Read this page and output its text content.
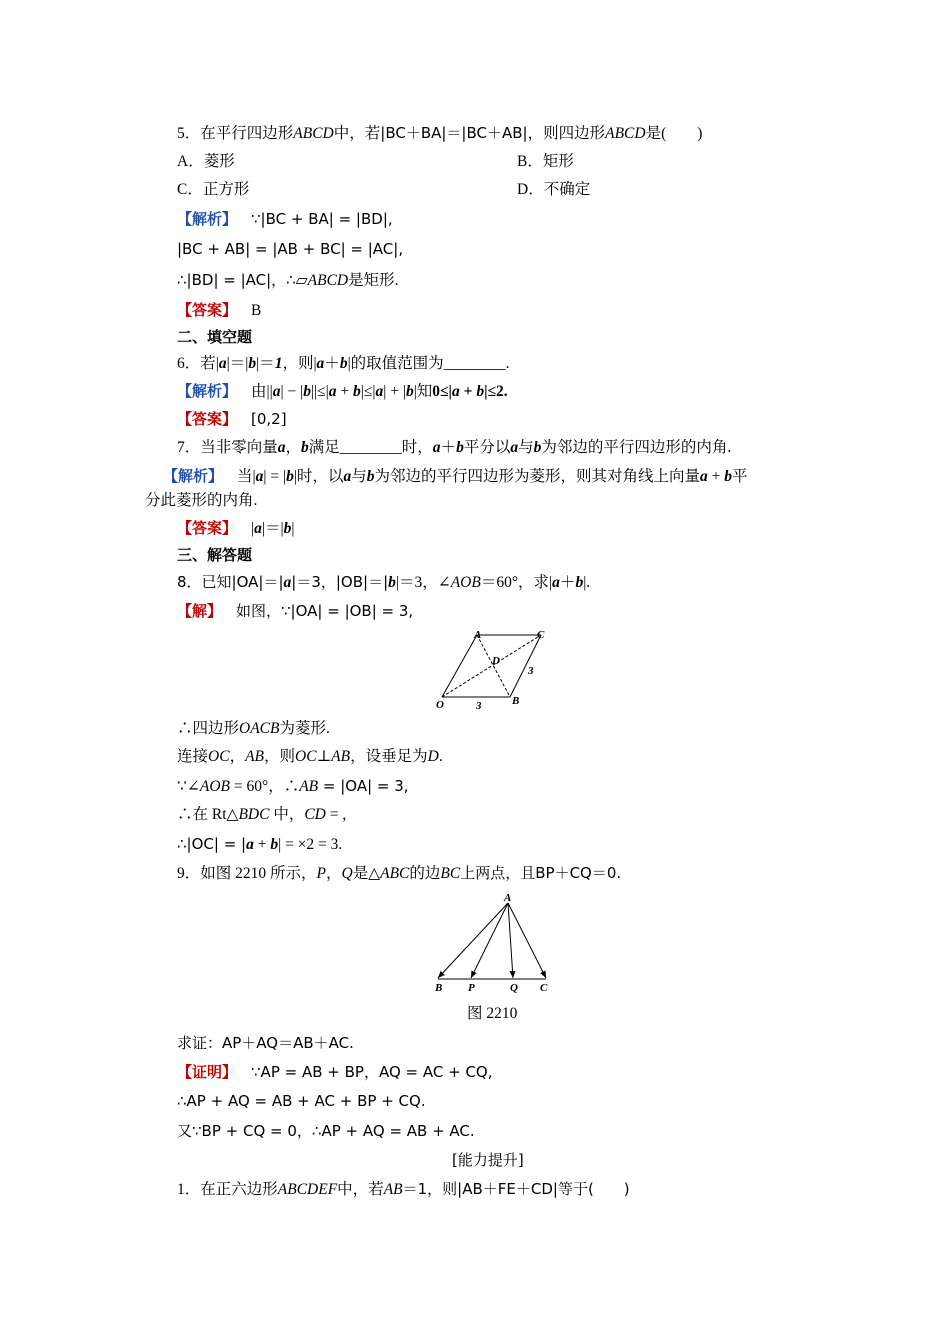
5．在平行四边形ABCD中，若|BC＋BA|＝|BC＋AB|，则四边形ABCD是(　　)
A．菱形	B．矩形
C．正方形	D．不确定
【解析】 ∵|BC + BA| = |BD|,
|BC + AB| = |AB + BC| = |AC|,
∴|BD| = |AC|，∴▱ABCD是矩形.
【答案】 B
二、填空题
6．若|a|＝|b|＝1，则|a＋b|的取值范围为________.
【解析】 由||a| − |b||≤|a + b|≤|a| + |b|知0≤|a + b|≤2.
【答案】 [0,2]
7．当非零向量a，b满足________时，a＋b平分以a与b为邻边的平行四边形的内角.
【解析】 当|a| = |b|时，以a与b为邻边的平行四边形为菱形，则其对角线上向量a + b平
分此菱形的内角.
【答案】 |a|＝|b|
三、解答题
8．已知|OA|＝|a|＝3，|OB|＝|b|＝3，∠AOB＝60°，求|a＋b|.
【解】 如图，∵|OA| = |OB| = 3,
A	C
D
3
O	3	B
∴四边形OACB为菱形.
连接OC，AB，则OC⊥AB，设垂足为D.
∵∠AOB = 60°，∴AB = |OA| = 3,
∴在 Rt△BDC 中，CD = ,
∴|OC| = |a + b| = ×2 = 3.
9．如图 2210 所示，P，Q是△ABC的边BC上两点，且BP＋CQ＝0.
A
B P	Q C
图 2210
求证：AP＋AQ＝AB＋AC.
【证明】 ∵AP = AB + BP，AQ = AC + CQ,
∴AP + AQ = AB + AC + BP + CQ.
又∵BP + CQ = 0，∴AP + AQ = AB + AC.
[能力提升]
1．在正六边形ABCDEF中，若AB＝1，则|AB＋FE＋CD|等于(　　)
